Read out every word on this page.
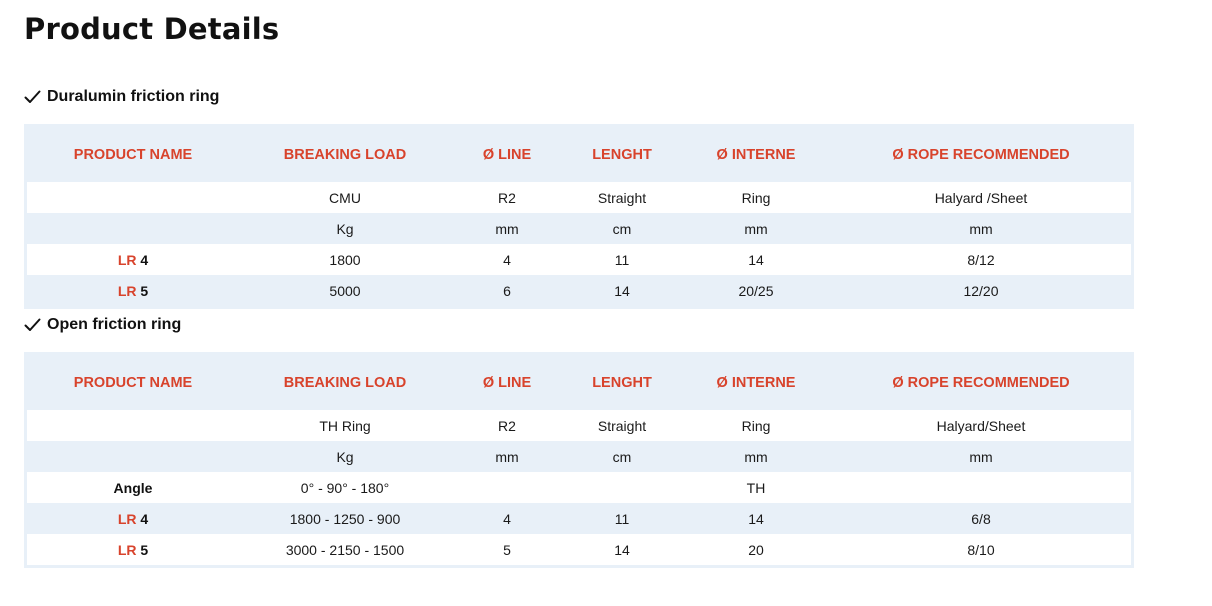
Product Details
Duralumin friction ring
PRODUCT NAME	BREAKING LOAD	Ø LINE	LENGHT	Ø INTERNE	Ø ROPE RECOMMENDED
	CMU	R2	Straight	Ring	Halyard /Sheet
	Kg	mm	cm	mm	mm
LR 4	1800	4	11	14	8/12
LR 5	5000	6	14	20/25	12/20
Open friction ring
PRODUCT NAME	BREAKING LOAD	Ø LINE	LENGHT	Ø INTERNE	Ø ROPE RECOMMENDED
	TH Ring	R2	Straight	Ring	Halyard/Sheet
	Kg	mm	cm	mm	mm
Angle	0° - 90° - 180°			TH	
LR 4	1800 - 1250 - 900	4	11	14	6/8
LR 5	3000 - 2150 - 1500	5	14	20	8/10
